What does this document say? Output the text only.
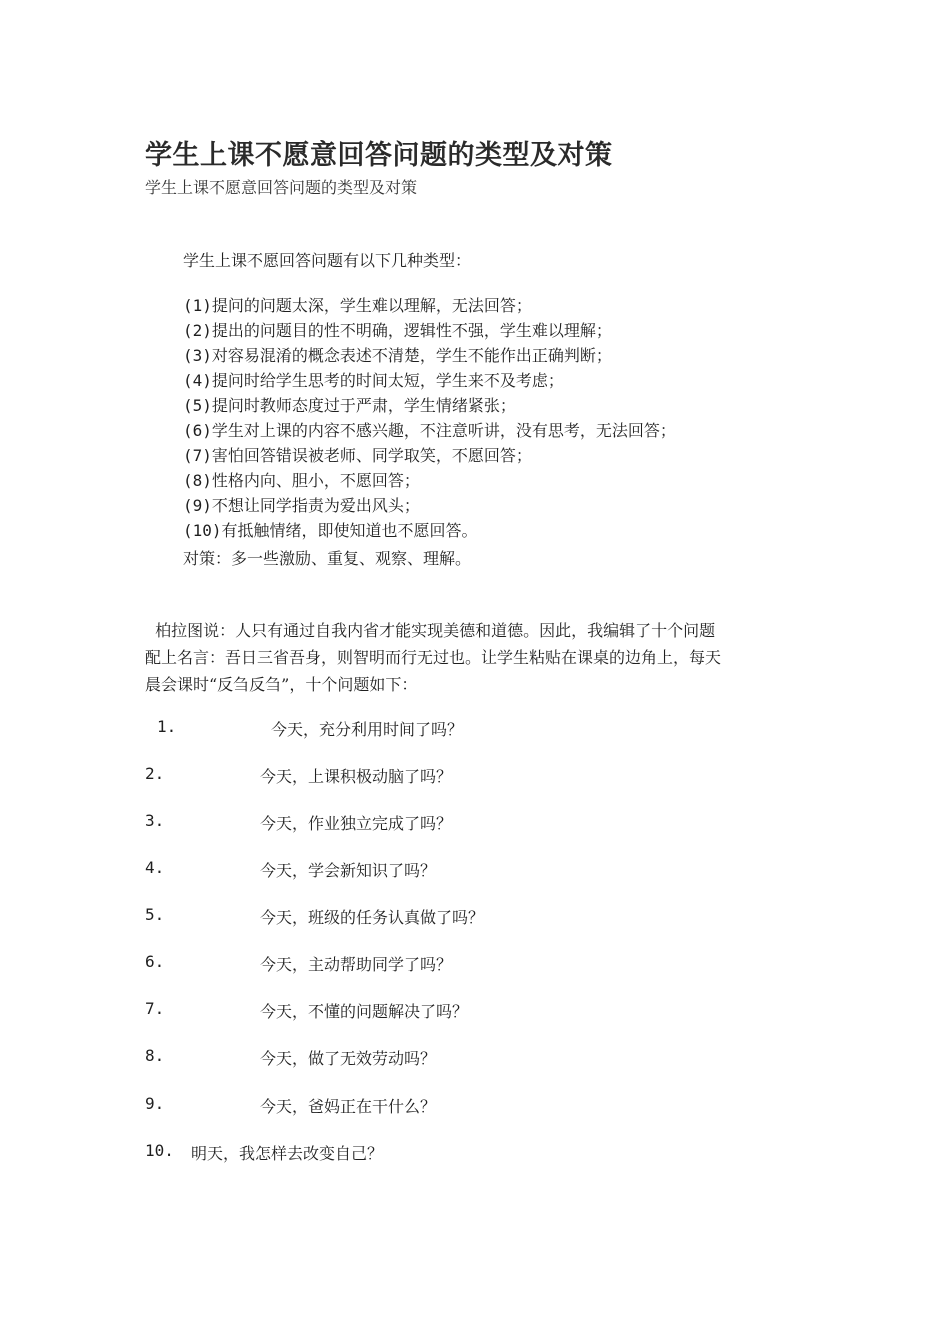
学生上课不愿意回答问题的类型及对策
学生上课不愿意回答问题的类型及对策
学生上课不愿回答问题有以下几种类型：
(1)提问的问题太深，学生难以理解，无法回答；
(2)提出的问题目的性不明确，逻辑性不强，学生难以理解；
(3)对容易混淆的概念表述不清楚，学生不能作出正确判断；
(4)提问时给学生思考的时间太短，学生来不及考虑；
(5)提问时教师态度过于严肃，学生情绪紧张；
(6)学生对上课的内容不感兴趣，不注意听讲，没有思考，无法回答；
(7)害怕回答错误被老师、同学取笑，不愿回答；
(8)性格内向、胆小，不愿回答；
(9)不想让同学指责为爱出风头；
(10)有抵触情绪，即使知道也不愿回答。
对策：多一些激励、重复、观察、理解。

柏拉图说：人只有通过自我内省才能实现美德和道德。因此，我编辑了十个问题

配上名言：吾日三省吾身，则智明而行无过也。让学生粘贴在课桌的边角上，每天

晨会课时“反刍反刍”，十个问题如下：

1.	今天，充分利用时间了吗？
2.	今天，上课积极动脑了吗？
3.	今天，作业独立完成了吗？
4.	今天，学会新知识了吗？
5.	今天，班级的任务认真做了吗？
6.	今天，主动帮助同学了吗？
7.	今天，不懂的问题解决了吗？
8.	今天，做了无效劳动吗？
9.	今天，爸妈正在干什么？
10. 明天，我怎样去改变自己？
